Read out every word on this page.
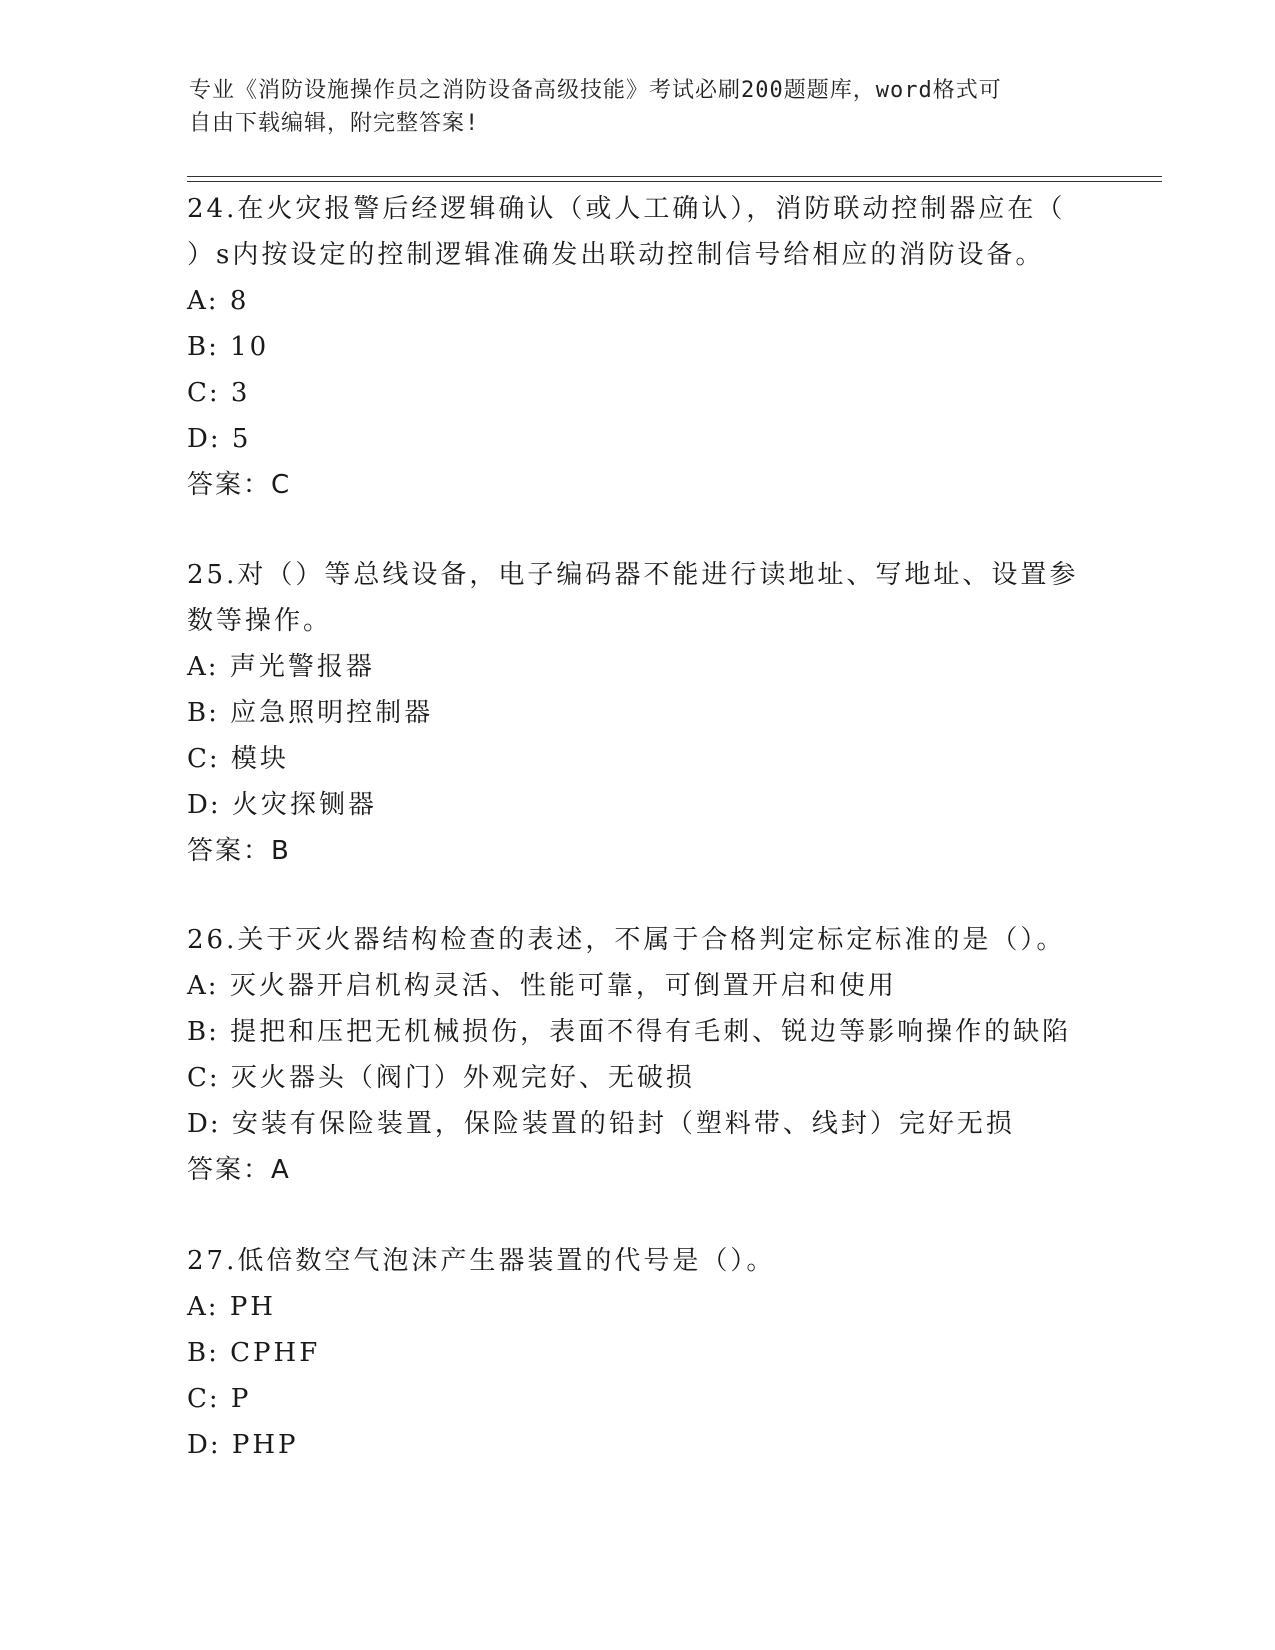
专业《消防设施操作员之消防设备高级技能》考试必刷200题题库，word格式可
自由下载编辑，附完整答案!
24.在火灾报警后经逻辑确认（或人工确认），消防联动控制器应在（
）s内按设定的控制逻辑准确发出联动控制信号给相应的消防设备。
A: 8
B: 10
C: 3
D: 5
答案：C
25.对（）等总线设备，电子编码器不能进行读地址、写地址、设置参
数等操作。
A: 声光警报器
B: 应急照明控制器
C: 模块
D: 火灾探铡器
答案：B
26.关于灭火器结构检查的表述，不属于合格判定标定标准的是（）。
A: 灭火器开启机构灵活、性能可靠，可倒置开启和使用
B: 提把和压把无机械损伤，表面不得有毛刺、锐边等影响操作的缺陷
C: 灭火器头（阀门）外观完好、无破损
D: 安装有保险装置，保险装置的铅封（塑料带、线封）完好无损
答案：A
27.低倍数空气泡沫产生器装置的代号是（）。
A: PH
B: CPHF
C: P
D: PHP
